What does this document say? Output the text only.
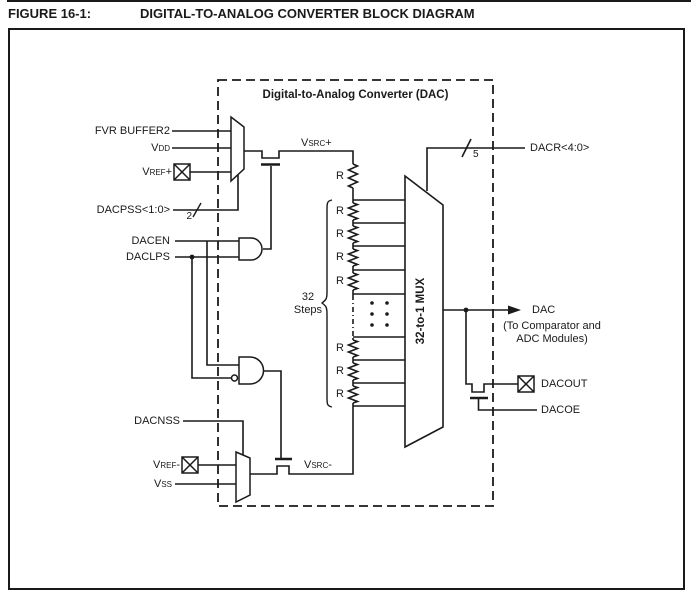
FIGURE 16-1:	DIGITAL-TO-ANALOG CONVERTER BLOCK DIAGRAM
32-to-1 MUX
Digital-to-Analog Converter (DAC)
FVR BUFFER2
VDD
VREF+
DACPSS<1:0>
2
DACEN
DACLPS
DACNSS
VREF-
VSS
VSRC+
VSRC-
R
R
R
R
R
R
R
R
32
Steps
DACR<4:0>
5
DAC
(To Comparator and
ADC Modules)
DACOUT
DACOE
